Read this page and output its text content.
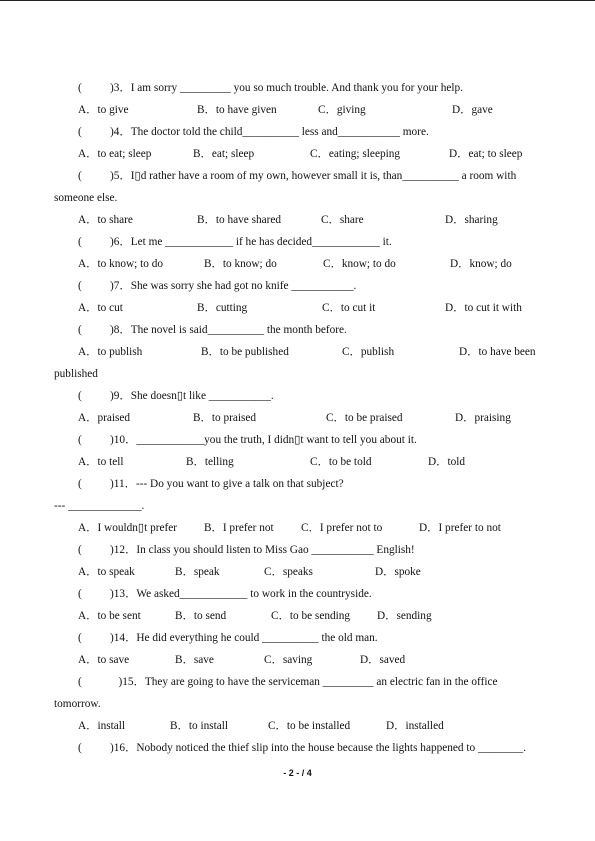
(          )3．I am sorry _________ you so much trouble. And thank you for your help.
A．to give	B．to have given	C．giving	D．gave
(          )4．The doctor told the child__________ less and___________ more.
A．to eat; sleep	B．eat; sleep	C．eating; sleeping	D．eat; to sleep
(          )5．I▯d rather have a room of my own, however small it is, than__________ a room with
someone else.
A．to share	B．to have shared	C．share	D．sharing
(          )6．Let me ____________ if he has decided____________ it.
A．to know; to do	B．to know; do	C．know; to do	D．know; do
(          )7．She was sorry she had got no knife ___________.
A．to cut	B．cutting	C．to cut it	D．to cut it with
(          )8．The novel is said__________ the month before.
A．to publish	B．to be published	C．publish	D．to have been
published
(          )9．She doesn▯t like ___________.
A．praised	B．to praised	C．to be praised	D．praising
(          )10．____________you the truth, I didn▯t want to tell you about it.
A．to tell	B．telling	C．to be told	D．told
(          )11．--- Do you want to give a talk on that subject?
--- _____________.
A．I wouldn▯t prefer B．I prefer not C．I prefer not to	D．I prefer to not
(          )12．In class you should listen to Miss Gao ___________ English!
A．to speak	B．speak	C．speaks	D．spoke
(          )13．We asked____________ to work in the countryside.
A．to be sent	B．to send	C．to be sending D．sending
(          )14．He did everything he could __________ the old man.
A．to save	B．save	C．saving	D．saved
(             )15．They are going to have the serviceman _________ an electric fan in the office
tomorrow.
A．install	B．to install	C．to be installed	D．installed
(          )16．Nobody noticed the thief slip into the house because the lights happened to ________.
- 2 - / 4
